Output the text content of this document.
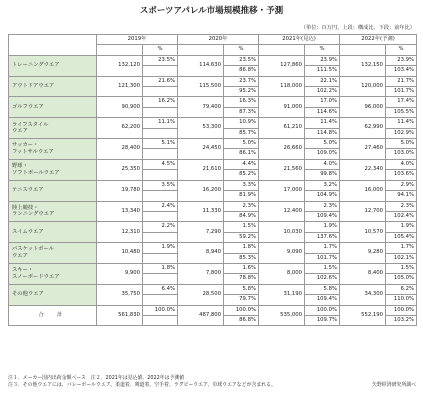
スポーツアパレル市場規模推移・予測
（単位：百万円、上段：構成比、下段：前年比）
	2019年		2020年		2021年(見込)		2022年(予測)	
		%		%		%		%
トレーニングウエア	132,120	23.5%	114,630	23.5%	127,860	23.9%	132,150	23.9%
				86.8%		111.5%		103.4%
アウトドアウエア	121,300	21.6%	115,500	23.7%	118,000	22.1%	120,000	21.7%
				95.2%		102.2%		101.7%
ゴルフウエア	90,900	16.2%	79,400	16.3%	91,000	17.0%	96,000	17.4%
				87.3%		114.6%		105.5%
ライフスタイル
ウエア	62,200	11.1%	53,300	10.9%	61,210	11.4%	62,990	11.4%
				85.7%		114.8%		102.9%
サッカー・
フットサルウエア	28,400	5.1%	24,450	5.0%	26,660	5.0%	27,460	5.0%
				86.1%		109.0%		103.0%
野球・
ソフトボールウエア	25,350	4.5%	21,610	4.4%	21,560	4.0%	22,340	4.0%
				85.2%		99.8%		103.6%
テニスウエア	19,780	3.5%	16,200	3.3%	17,000	3.2%	16,000	2.9%
				81.9%		104.9%		94.1%
陸上競技・
ランニングウエア	13,340	2.4%	11,330	2.3%	12,400	2.3%	12,700	2.3%
				84.9%		109.4%		102.4%
スイムウエア	12,310	2.2%	7,290	1.5%	10,030	1.9%	10,570	1.9%
				59.2%		137.6%		105.4%
バスケットボール
ウエア	10,480	1.9%	8,940	1.8%	9,090	1.7%	9,280	1.7%
				85.3%		101.7%		102.1%
スキー・
スノーボードウエア	9,900	1.8%	7,800	1.6%	8,000	1.5%	8,400	1.5%
				78.8%		102.6%		105.0%
その他ウエア	35,750	6.4%	28,500	5.8%	31,190	5.8%	34,300	6.2%
				79.7%		109.4%		110.0%
合　計	561,830	100.0%	487,800	100.0%	535,000	100.0%	552,190	100.0%
				86.8%		109.7%		103.2%
注１．メーカー国内出荷金額ベース　注２．2021年は見込値、2022年は予測値
注３．その他ウエアには、バレーボールウエア、柔道着、剣道着、空手着、ラグビーウエア、卓球ウエアなどが含まれる。	矢野経済研究所調べ
